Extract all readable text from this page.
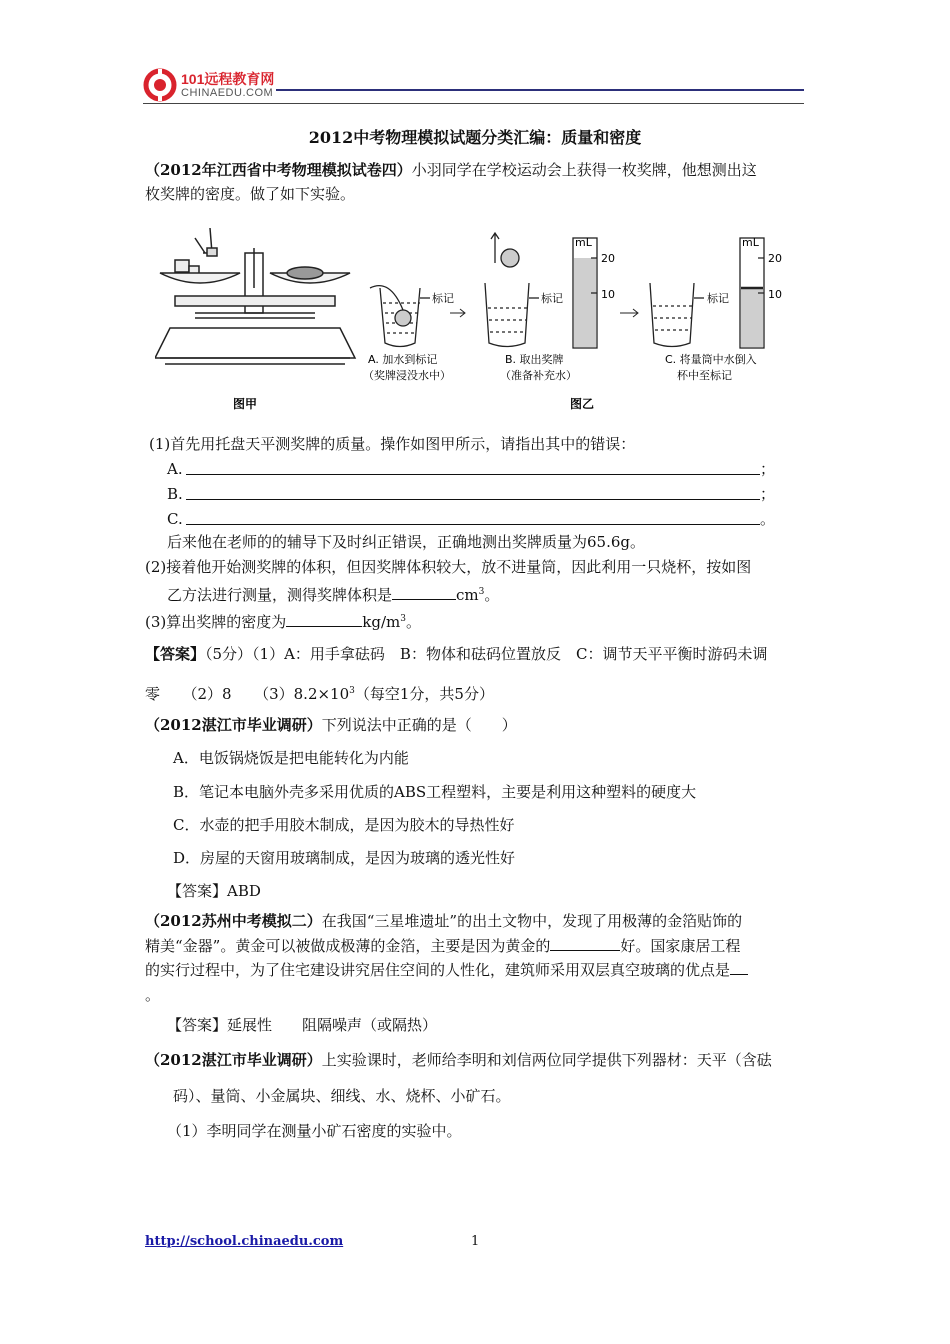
101远程教育网
CHINAEDU.COM
2012中考物理模拟试题分类汇编：质量和密度
（2012年江西省中考物理模拟试卷四）小羽同学在学校运动会上获得一枚奖牌，他想测出这
枚奖牌的密度。做了如下实验。
图甲
标记	标记
mL
20
10	标记
mL
20
10
A. 加水到标记
（奖牌浸没水中）
B. 取出奖牌
（准备补充水）
C. 将量筒中水倒入
杯中至标记
图乙
(1)首先用托盘天平测奖牌的质量。操作如图甲所示，请指出其中的错误：
A.	；
B.	；
C.	。
后来他在老师的的辅导下及时纠正错误，正确地测出奖牌质量为65.6g。
(2)接着他开始测奖牌的体积，但因奖牌体积较大，放不进量筒，因此利用一只烧杯，按如图
乙方法进行测量，测得奖牌体积是	$cm^3$。
(3)算出奖牌的密度为	$kg/m^3$。
【答案】（5分）（1）A：用手拿砝码　B：物体和砝码位置放反　C：调节天平平衡时游码未调
零　　（2）8　　$(3)8.2\times 10^3$（每空1分，共5分）
（2012湛江市毕业调研）下列说法中正确的是（　　）
A．电饭锅烧饭是把电能转化为内能
B．笔记本电脑外壳多采用优质的ABS工程塑料，主要是利用这种塑料的硬度大
C．水壶的把手用胶木制成，是因为胶木的导热性好
D．房屋的天窗用玻璃制成，是因为玻璃的透光性好
【答案】ABD
（2012苏州中考模拟二）在我国“三星堆遗址”的出土文物中，发现了用极薄的金箔贴饰的
精美“金器”。黄金可以被做成极薄的金箔，主要是因为黄金的	好。国家康居工程
的实行过程中，为了住宅建设讲究居住空间的人性化，建筑师采用双层真空玻璃的优点是
。
【答案】延展性　　阻隔噪声（或隔热）
（2012湛江市毕业调研）上实验课时，老师给李明和刘信两位同学提供下列器材：天平（含砝
码）、量筒、小金属块、细线、水、烧杯、小矿石。
（1）李明同学在测量小矿石密度的实验中。
http://school.chinaedu.com	1
